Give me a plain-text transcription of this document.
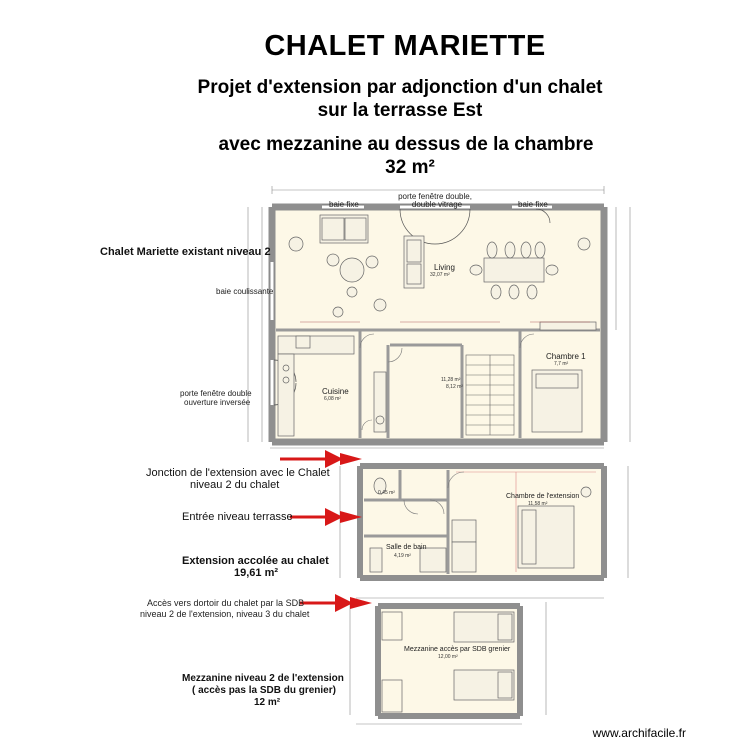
CHALET MARIETTE
Projet d'extension par adjonction d'un chalet
sur la terrasse Est
avec mezzanine au dessus de la chambre
32 m²
Chalet Mariette existant niveau 2
baie coulissante
porte fenêtre double
ouverture inversée
Jonction de l'extension avec le Chalet
niveau 2 du chalet
Entrée niveau terrasse
Extension accolée au chalet
19,61 m²
Accès vers dortoir du chalet par la SDB
niveau 2 de l'extension, niveau 3 du chalet
Mezzanine niveau 2 de l'extension
( accès pas la SDB du grenier)
12 m²
baie fixe	baie fixe
porte fenêtre double,
double vitrage
Living
32,07 m²
Chambre 1
7,7 m²
Cuisine
6,08 m²
11,28 m²
8,12 m²
Chambre de l'extension
11,58 m²
0,45 m²
Salle de bain
4,19 m²
Mezzanine accès par SDB grenier
12,00 m²
www.archifacile.fr
